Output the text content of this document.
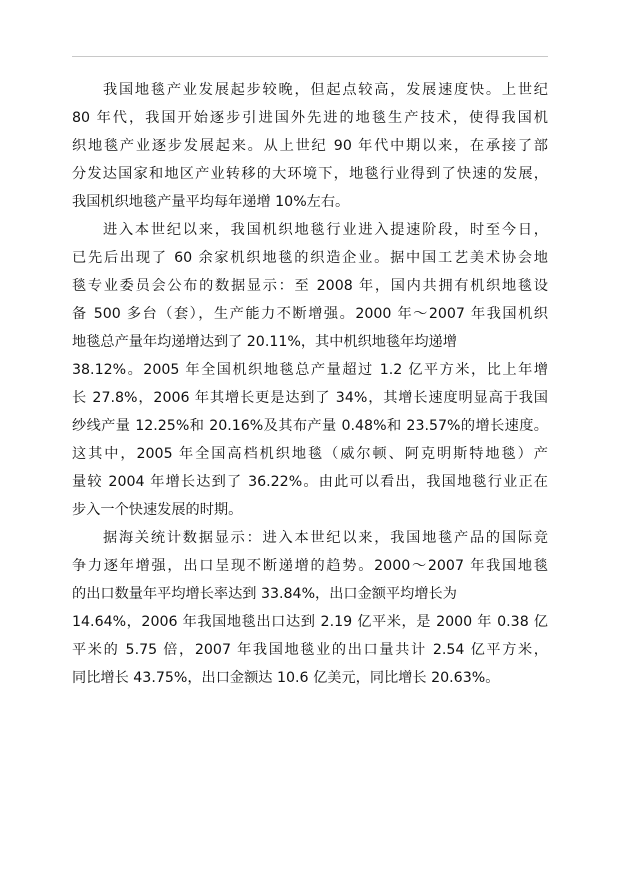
我国地毯产业发展起步较晚，但起点较高，发展速度快。上世纪
80 年代，我国开始逐步引进国外先进的地毯生产技术，使得我国机
织地毯产业逐步发展起来。从上世纪 90 年代中期以来，在承接了部
分发达国家和地区产业转移的大环境下，地毯行业得到了快速的发展，
我国机织地毯产量平均每年递增 10%左右。
进入本世纪以来，我国机织地毯行业进入提速阶段，时至今日，
已先后出现了 60 余家机织地毯的织造企业。据中国工艺美术协会地
毯专业委员会公布的数据显示：至 2008 年，国内共拥有机织地毯设
备 500 多台（套），生产能力不断增强。2000 年～2007 年我国机织
地毯总产量年均递增达到了 20.11%，其中机织地毯年均递增
38.12%。2005 年全国机织地毯总产量超过 1.2 亿平方米，比上年增
长 27.8%，2006 年其增长更是达到了 34%，其增长速度明显高于我国
纱线产量 12.25%和 20.16%及其布产量 0.48%和 23.57%的增长速度。
这其中，2005 年全国高档机织地毯（威尔顿、阿克明斯特地毯）产
量较 2004 年增长达到了 36.22%。由此可以看出，我国地毯行业正在
步入一个快速发展的时期。
据海关统计数据显示：进入本世纪以来，我国地毯产品的国际竞
争力逐年增强，出口呈现不断递增的趋势。2000～2007 年我国地毯
的出口数量年平均增长率达到 33.84%，出口金额平均增长为
14.64%，2006 年我国地毯出口达到 2.19 亿平米，是 2000 年 0.38 亿
平米的 5.75 倍，2007 年我国地毯业的出口量共计 2.54 亿平方米，
同比增长 43.75%，出口金额达 10.6 亿美元，同比增长 20.63%。
